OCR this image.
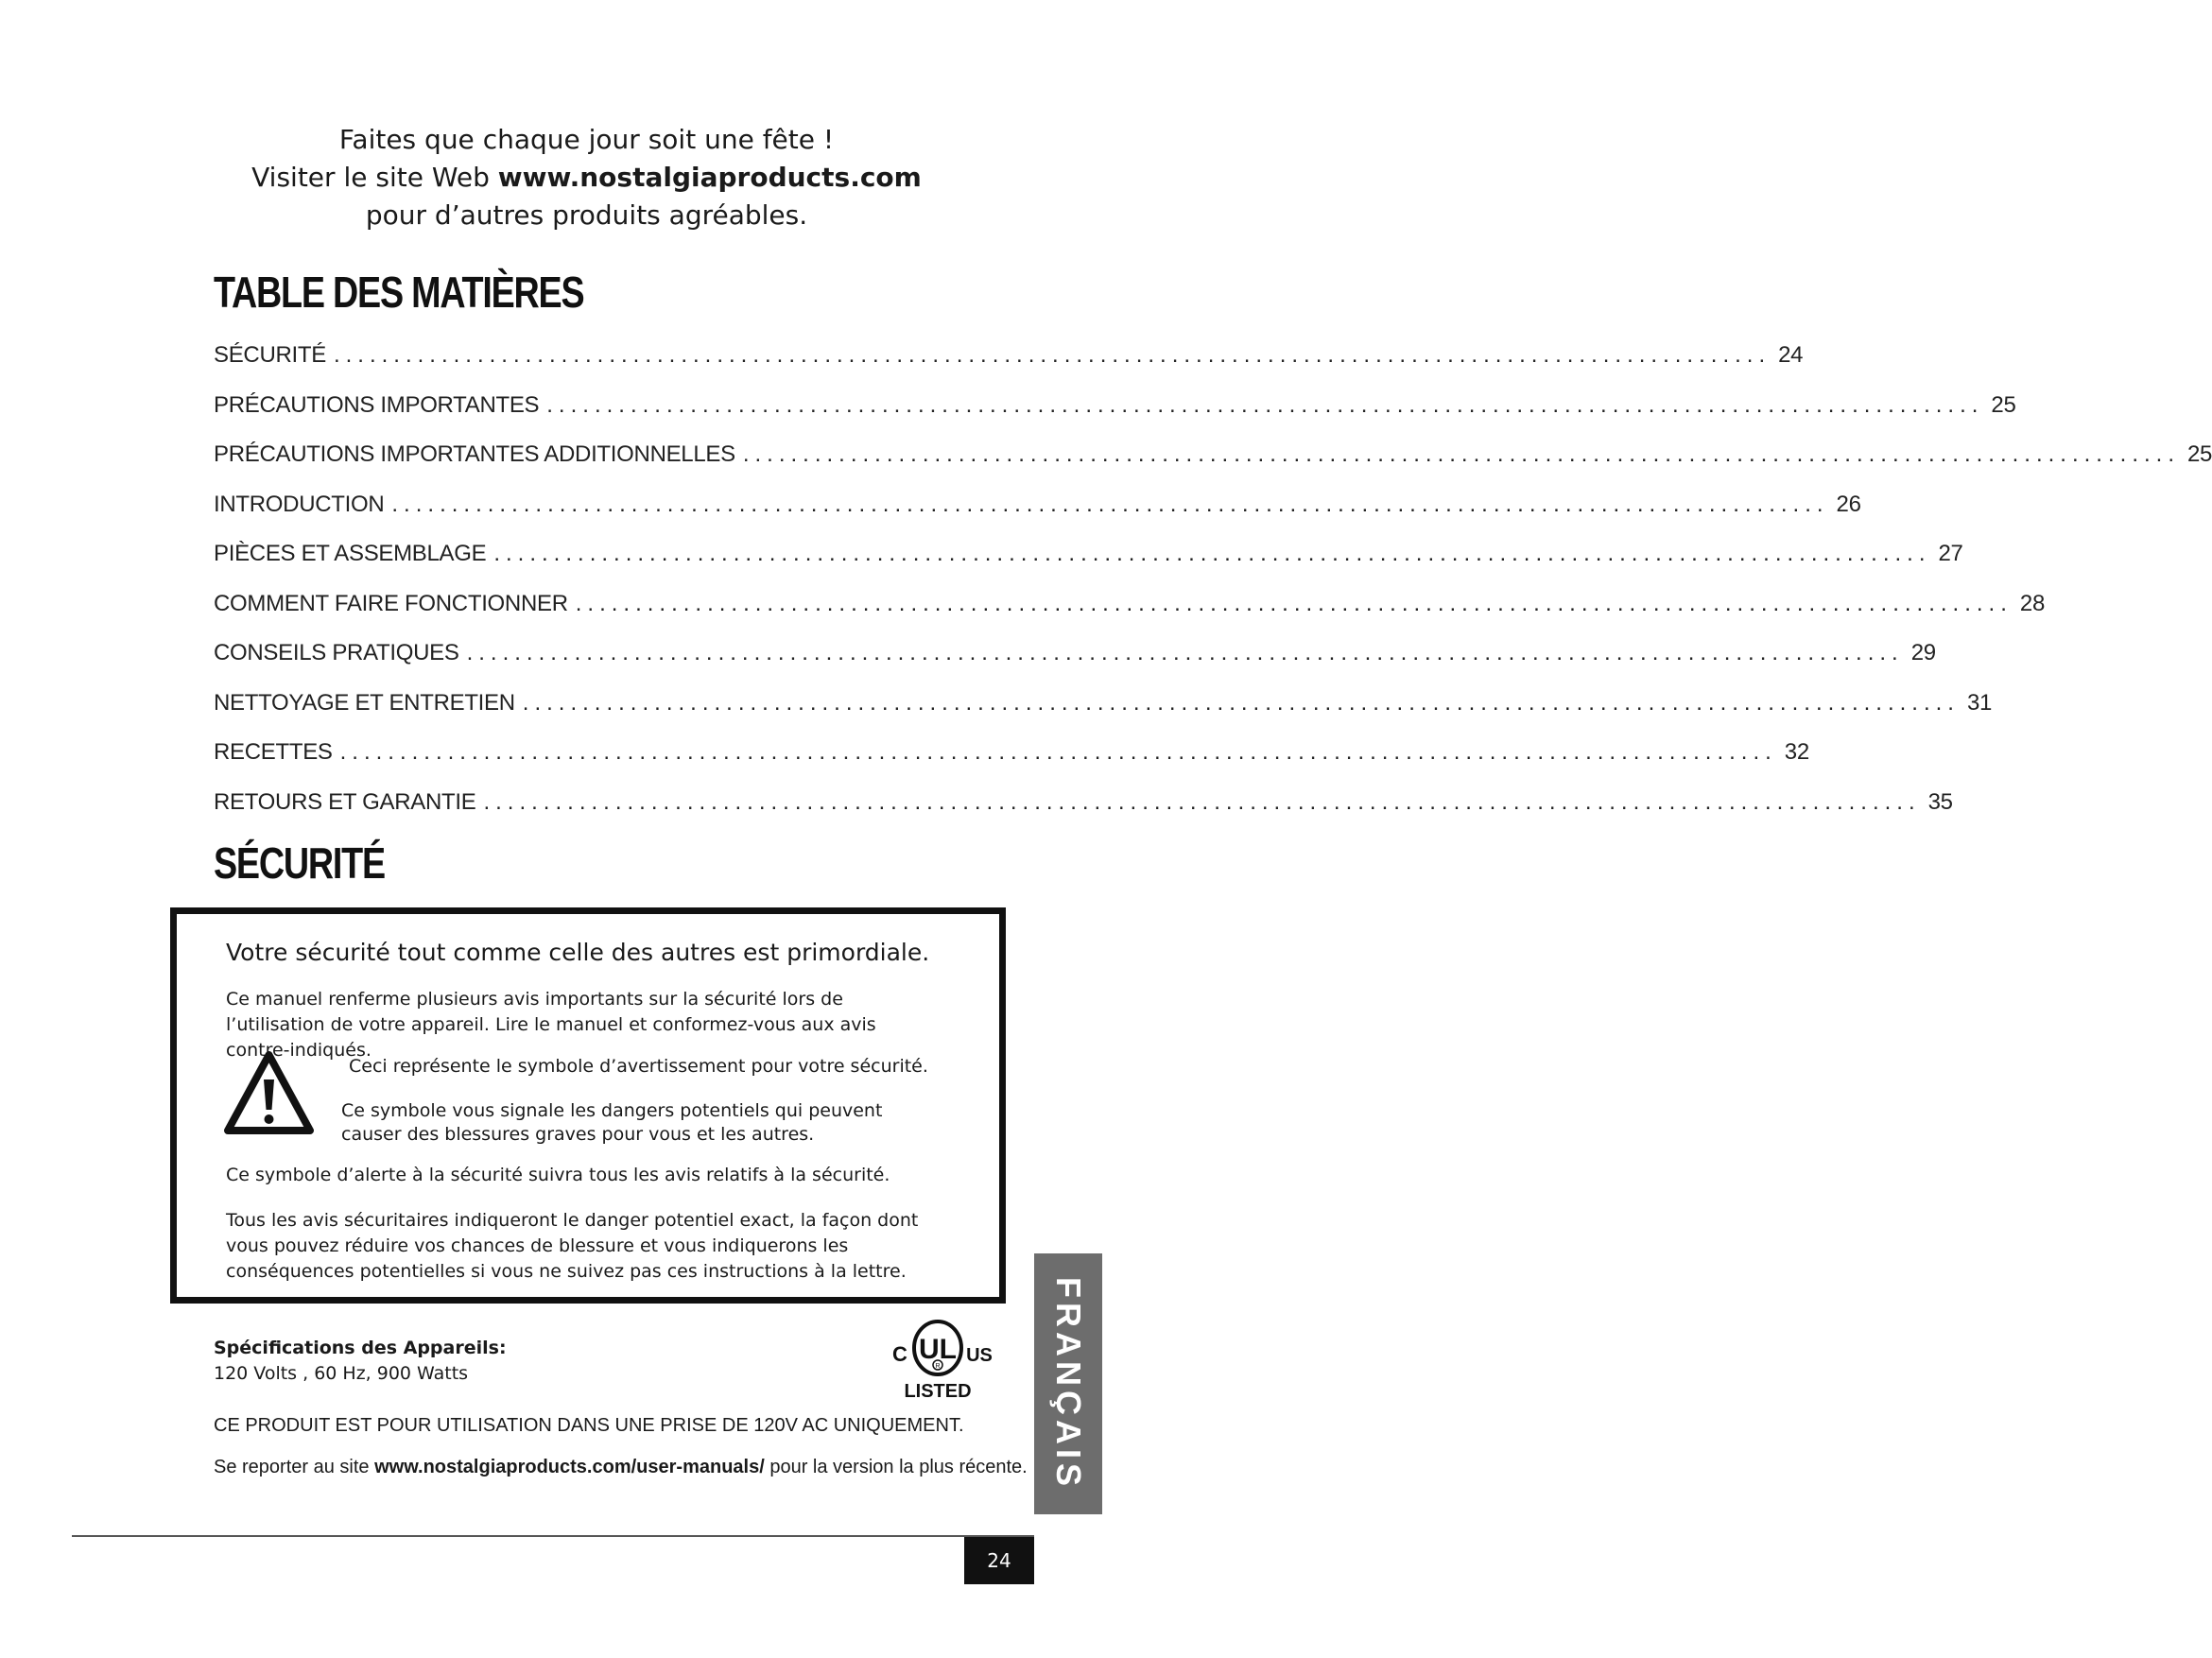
Faites que chaque jour soit une fête !
Visiter le site Web www.nostalgiaproducts.com
pour d’autres produits agréables.
TABLE DES MATIÈRES
SÉCURITÉ ........................................................................................................................ 24
PRÉCAUTIONS IMPORTANTES ........................................................................................................................ 25
PRÉCAUTIONS IMPORTANTES ADDITIONNELLES ........................................................................................................................ 25
INTRODUCTION ........................................................................................................................ 26
PIÈCES ET ASSEMBLAGE ........................................................................................................................ 27
COMMENT FAIRE FONCTIONNER ........................................................................................................................ 28
CONSEILS PRATIQUES ........................................................................................................................ 29
NETTOYAGE ET ENTRETIEN ........................................................................................................................ 31
RECETTES ........................................................................................................................ 32
RETOURS ET GARANTIE ........................................................................................................................ 35
SÉCURITÉ
Votre sécurité tout comme celle des autres est primordiale.

Ce manuel renferme plusieurs avis importants sur la sécurité lors de l’utilisation de votre appareil. Lire le manuel et conformez-vous aux avis contre-indiqués.

Ceci représente le symbole d’avertissement pour votre sécurité.

Ce symbole vous signale les dangers potentiels qui peuvent causer des blessures graves pour vous et les autres.

Ce symbole d’alerte à la sécurité suivra tous les avis relatifs à la sécurité.

Tous les avis sécuritaires indiqueront le danger potentiel exact, la façon dont vous pouvez réduire vos chances de blessure et vous indiquerons les conséquences potentielles si vous ne suivez pas ces instructions à la lettre.

Spécifications des Appareils:
120 Volts , 60 Hz, 900 Watts
UL
R
C	US
LISTED
CE PRODUIT EST POUR UTILISATION DANS UNE PRISE DE 120V AC UNIQUEMENT.
Se reporter au site www.nostalgiaproducts.com/user-manuals/ pour la version la plus récente. FRANÇAIS
24
